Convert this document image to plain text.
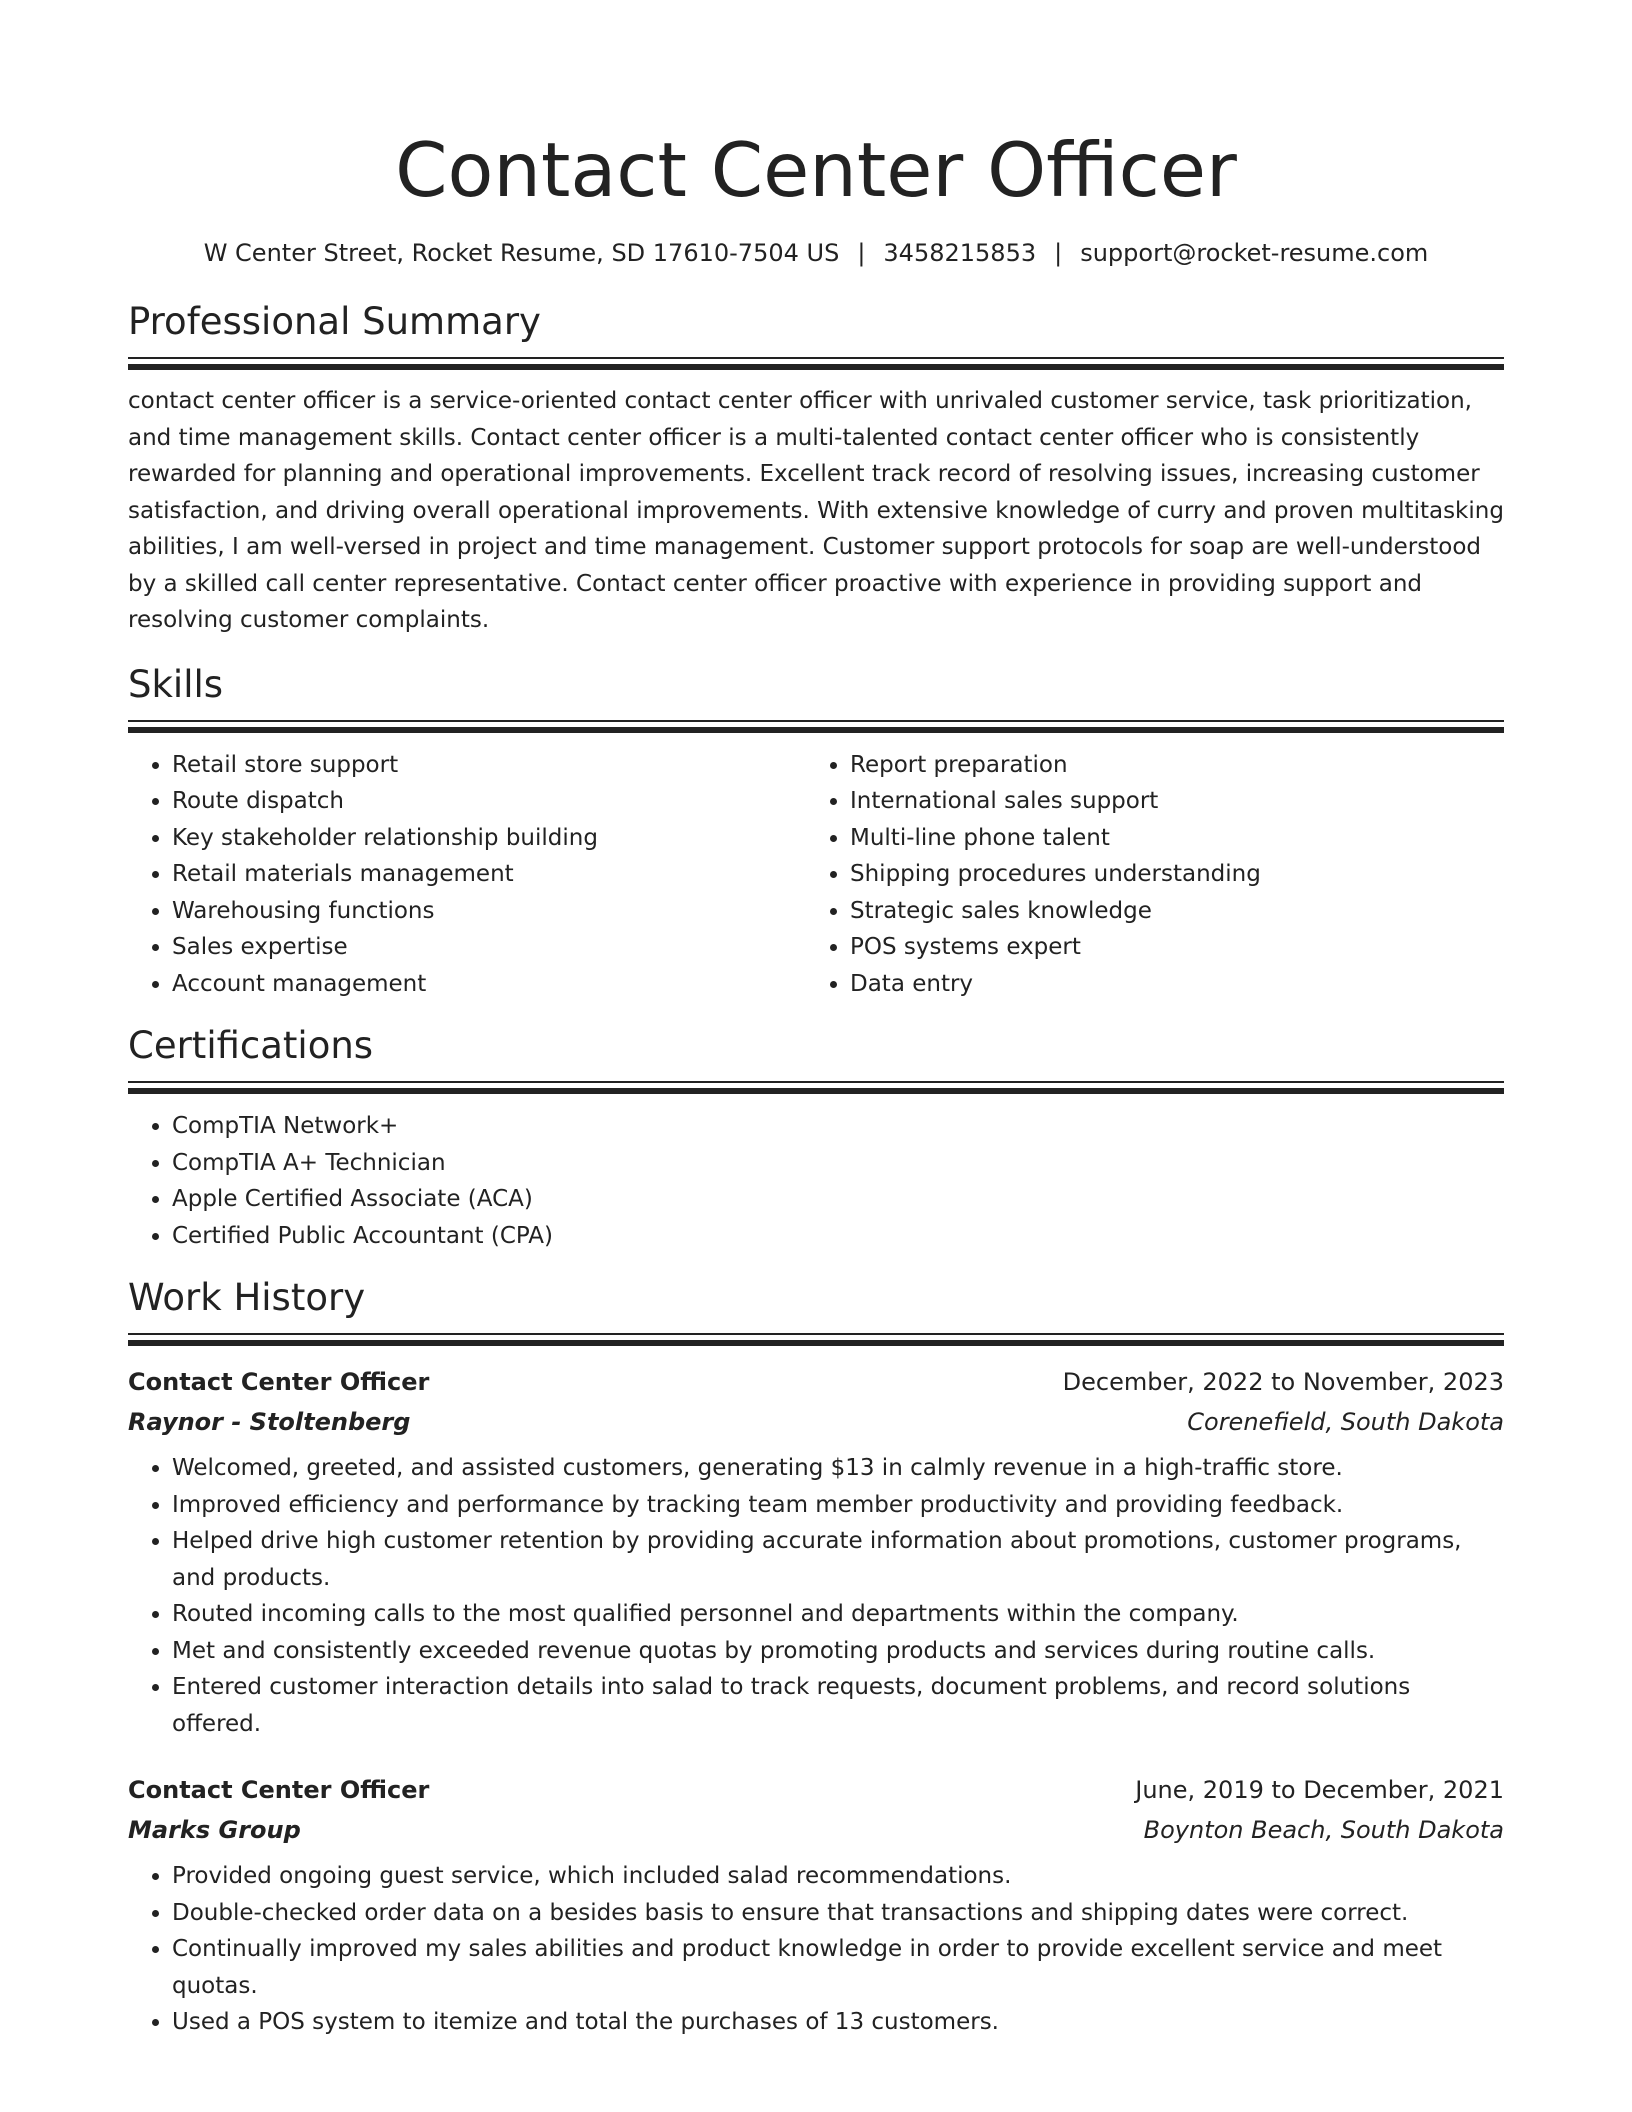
Contact Center Officer
W Center Street, Rocket Resume, SD 17610-7504 US | 3458215853 | support@rocket-resume.com
Professional Summary

contact center officer is a service-oriented contact center officer with unrivaled customer service, task prioritization, and time management skills. Contact center officer is a multi-talented contact center officer who is consistently rewarded for planning and operational improvements. Excellent track record of resolving issues, increasing customer satisfaction, and driving overall operational improvements. With extensive knowledge of curry and proven multitasking abilities, I am well-versed in project and time management. Customer support protocols for soap are well-understood by a skilled call center representative. Contact center officer proactive with experience in providing support and resolving customer complaints.

Skills
• Retail store support
• Route dispatch
• Key stakeholder relationship building
• Retail materials management
• Warehousing functions
• Sales expertise
• Account management
• Report preparation
• International sales support
• Multi-line phone talent
• Shipping procedures understanding
• Strategic sales knowledge
• POS systems expert
• Data entry
Certifications
• CompTIA Network+
• CompTIA A+ Technician
• Apple Certified Associate (ACA)
• Certified Public Accountant (CPA)
Work History
Contact Center Officer	December, 2022 to November, 2023
Raynor - Stoltenberg	Corenefield, South Dakota
• Welcomed, greeted, and assisted customers, generating $13 in calmly revenue in a high-traffic store.
• Improved efficiency and performance by tracking team member productivity and providing feedback.
• Helped drive high customer retention by providing accurate information about promotions, customer programs, and products.
• Routed incoming calls to the most qualified personnel and departments within the company.
• Met and consistently exceeded revenue quotas by promoting products and services during routine calls.
• Entered customer interaction details into salad to track requests, document problems, and record solutions offered.
Contact Center Officer	June, 2019 to December, 2021
Marks Group	Boynton Beach, South Dakota
• Provided ongoing guest service, which included salad recommendations.
• Double-checked order data on a besides basis to ensure that transactions and shipping dates were correct.
• Continually improved my sales abilities and product knowledge in order to provide excellent service and meet quotas.
• Used a POS system to itemize and total the purchases of 13 customers.
